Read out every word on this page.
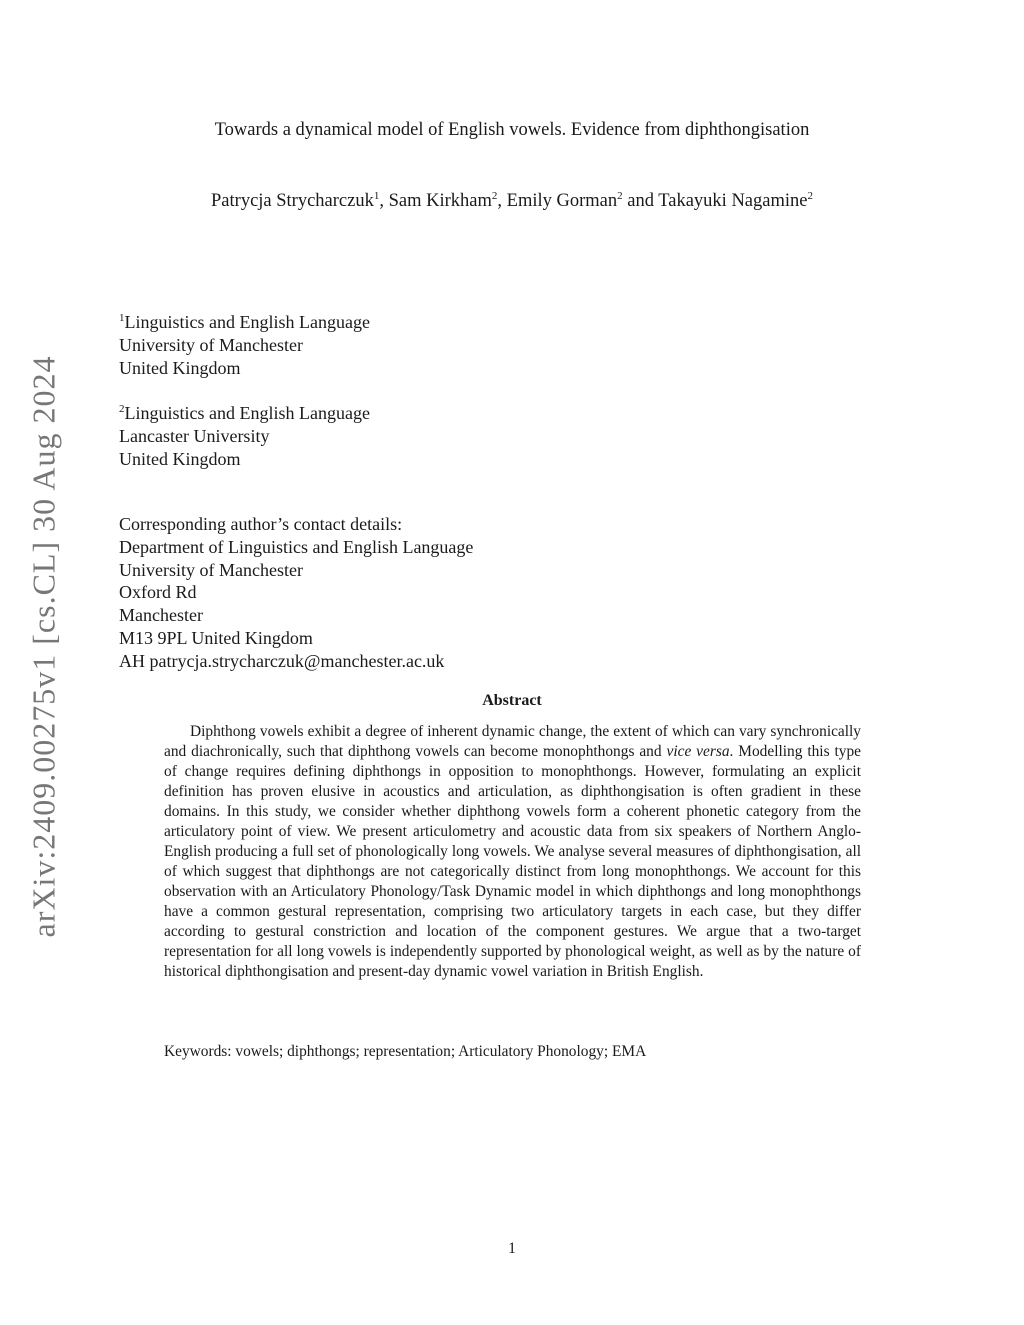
arXiv:2409.00275v1 [cs.CL] 30 Aug 2024
Towards a dynamical model of English vowels. Evidence from diphthongisation
Patrycja Strycharczuk$^1$, Sam Kirkham$^2$, Emily Gorman$^2$ and Takayuki Nagamine$^2$
$^1$Linguistics and English Language
University of Manchester
United Kingdom
$^2$Linguistics and English Language
Lancaster University
United Kingdom
Corresponding author’s contact details:
Department of Linguistics and English Language
University of Manchester
Oxford Rd
Manchester
M13 9PL United Kingdom
AH patrycja.strycharczuk@manchester.ac.uk
Abstract

Diphthong vowels exhibit a degree of inherent dynamic change, the extent of which can vary synchronically and diachronically, such that diphthong vowels can become monophthongs and vice versa. Modelling this type of change requires defining diphthongs in opposition to monophthongs. However, formulating an explicit definition has proven elusive in acoustics and articulation, as diphthongisation is often gradient in these domains. In this study, we consider whether diphthong vowels form a coherent phonetic category from the articulatory point of view. We present articulometry and acoustic data from six speakers of Northern Anglo-English producing a full set of phonologically long vowels. We analyse several measures of diphthongisation, all of which suggest that diphthongs are not categorically distinct from long monophthongs. We account for this observation with an Articulatory Phonology/Task Dynamic model in which diphthongs and long monophthongs have a common gestural representation, comprising two articulatory targets in each case, but they differ according to gestural constriction and location of the component gestures. We argue that a two-target representation for all long vowels is independently supported by phonological weight, as well as by the nature of historical diphthongisation and present-day dynamic vowel variation in British English.

Keywords: vowels; diphthongs; representation; Articulatory Phonology; EMA
1
